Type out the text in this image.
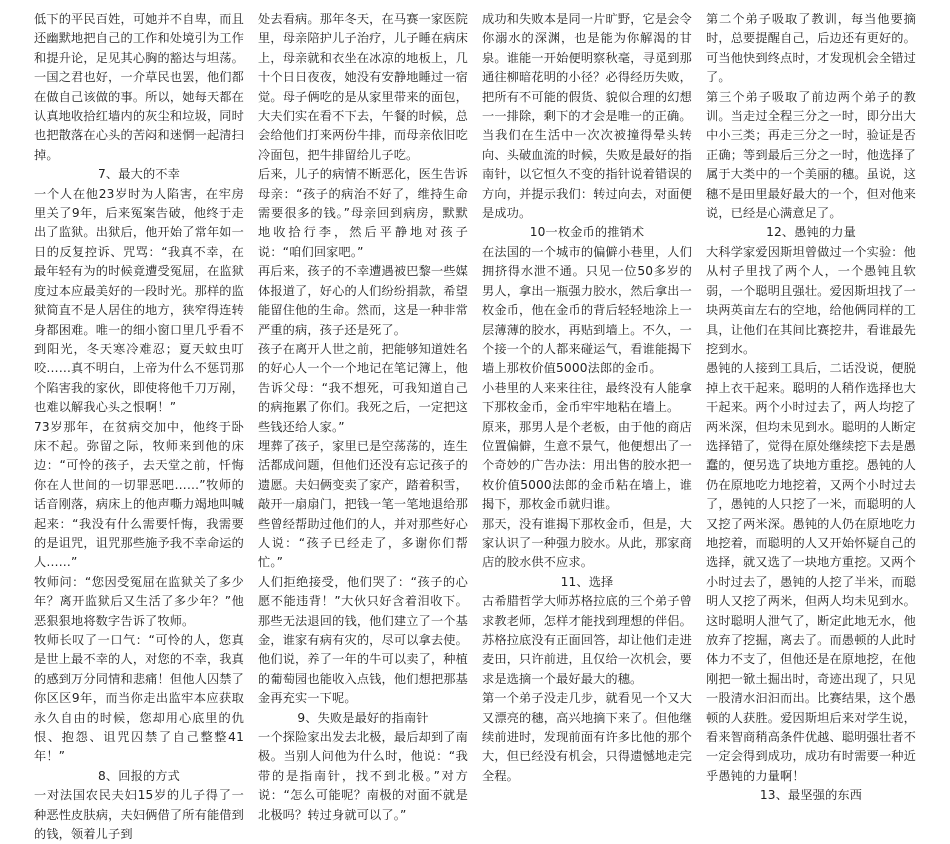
低下的平民百姓，可她并不自卑，而且还幽默地把自己的工作和处境引为工作和提升论，足见其心胸的豁达与坦荡。一国之君也好，一介草民也罢，他们都在做自己该做的事。所以，她每天都在认真地收拾红墙内的灰尘和垃圾，同时也把散落在心头的苦闷和迷惘一起清扫掉。

7、最大的不幸

一个人在他23岁时为人陷害，在牢房里关了9年，后来冤案告破，他终于走出了监狱。出狱后，他开始了常年如一日的反复控诉、咒骂：“我真不幸，在最年轻有为的时候竟遭受冤屈，在监狱度过本应最美好的一段时光。那样的监狱简直不是人居住的地方，狭窄得连转身都困难。唯一的细小窗口里几乎看不到阳光，冬天寒冷难忍；夏天蚊虫叮咬……真不明白，上帝为什么不惩罚那个陷害我的家伙，即使将他千刀万剐，也难以解我心头之恨啊！”

73岁那年，在贫病交加中，他终于卧床不起。弥留之际，牧师来到他的床边：“可怜的孩子，去天堂之前，忏悔你在人世间的一切罪恶吧……”牧师的话音刚落，病床上的他声嘶力竭地叫喊起来：“我没有什么需要忏悔，我需要的是诅咒，诅咒那些施予我不幸命运的人……”

牧师问：“您因受冤屈在监狱关了多少年？离开监狱后又生活了多少年？”他恶狠狠地将数字告诉了牧师。

牧师长叹了一口气：“可怜的人，您真是世上最不幸的人，对您的不幸，我真的感到万分同情和悲痛！但他人囚禁了你区区9年，而当你走出监牢本应获取永久自由的时候，您却用心底里的仇恨、抱怨、诅咒囚禁了自己整整41年！”

8、回报的方式

一对法国农民夫妇15岁的儿子得了一种恶性皮肤病，夫妇俩借了所有能借到的钱，领着儿子到

处去看病。那年冬天，在马赛一家医院里，母亲陪护儿子治疗，儿子睡在病床上，母亲就和衣坐在冰凉的地板上，几十个日日夜夜，她没有安静地睡过一宿觉。母子俩吃的是从家里带来的面包，大夫们实在看不下去，午餐的时候，总会给他们打来两份牛排，而母亲依旧吃冷面包，把牛排留给儿子吃。

后来，儿子的病情不断恶化，医生告诉母亲：“孩子的病治不好了，维持生命需要很多的钱。”母亲回到病房，默默地收拾行李，然后平静地对孩子说：“咱们回家吧。”

再后来，孩子的不幸遭遇被巴黎一些媒体报道了，好心的人们纷纷捐款，希望能留住他的生命。然而，这是一种非常严重的病，孩子还是死了。

孩子在离开人世之前，把能够知道姓名的好心人一个一个地记在笔记簿上，他告诉父母：“我不想死，可我知道自己的病拖累了你们。我死之后，一定把这些钱还给人家。”

埋葬了孩子，家里已是空荡荡的，连生活都成问题，但他们还没有忘记孩子的遗愿。夫妇俩变卖了家产，踏着积雪，敲开一扇扇门，把钱一笔一笔地退给那些曾经帮助过他们的人，并对那些好心人说：“孩子已经走了，多谢你们帮忙。”

人们拒绝接受，他们哭了：“孩子的心愿不能违背！”大伙只好含着泪收下。那些无法退回的钱，他们建立了一个基金，谁家有病有灾的，尽可以拿去使。他们说，养了一年的牛可以卖了，种植的葡萄园也能收入点钱，他们想把那基金再充实一下呢。

9、失败是最好的指南针

一个探险家出发去北极，最后却到了南极。当别人问他为什么时，他说：“我带的是指南针，找不到北极。”对方说：“怎么可能呢？南极的对面不就是北极吗？转过身就可以了。”

成功和失败本是同一片旷野，它是会令你溺水的深渊，也是能为你解渴的甘泉。谁能一开始便明察秋毫，寻觅到那通往柳暗花明的小径？必得经历失败，把所有不可能的假货、貌似合理的幻想一一排除，剩下的才会是唯一的正确。

当我们在生活中一次次被撞得晕头转向、头破血流的时候，失败是最好的指南针，以它恒久不变的指针说着错误的方向，并提示我们：转过向去，对面便是成功。

10一枚金币的推销术

在法国的一个城市的偏僻小巷里，人们拥挤得水泄不通。只见一位50多岁的男人，拿出一瓶强力胶水，然后拿出一枚金币，他在金币的背后轻轻地涂上一层薄薄的胶水，再贴到墙上。不久，一个接一个的人都来碰运气，看谁能揭下墙上那枚价值5000法郎的金币。

小巷里的人来来往往，最终没有人能拿下那枚金币，金币牢牢地粘在墙上。

原来，那男人是个老板，由于他的商店位置偏僻，生意不景气，他便想出了一个奇妙的广告办法：用出售的胶水把一枚价值5000法郎的金币粘在墙上，谁揭下，那枚金币就归谁。

那天，没有谁揭下那枚金币，但是，大家认识了一种强力胶水。从此，那家商店的胶水供不应求。

11、选择

古希腊哲学大师苏格拉底的三个弟子曾求教老师，怎样才能找到理想的伴侣。苏格拉底没有正面回答，却让他们走进麦田，只许前进，且仅给一次机会，要求是选摘一个最好最大的穗。

第一个弟子没走几步，就看见一个又大又漂亮的穗，高兴地摘下来了。但他继续前进时，发现前面有许多比他的那个大，但已经没有机会，只得遗憾地走完全程。

第二个弟子吸取了教训，每当他要摘时，总要提醒自己，后边还有更好的。可当他快到终点时，才发现机会全错过了。

第三个弟子吸取了前边两个弟子的教训。当走过全程三分之一时，即分出大中小三类；再走三分之一时，验证是否正确；等到最后三分之一时，他选择了属于大类中的一个美丽的穗。虽说，这穗不是田里最好最大的一个，但对他来说，已经是心满意足了。

12、愚钝的力量

大科学家爱因斯坦曾做过一个实验：他从村子里找了两个人，一个愚钝且软弱，一个聪明且强壮。爱因斯坦找了一块两英亩左右的空地，给他俩同样的工具，让他们在其间比赛挖井，看谁最先挖到水。

愚钝的人接到工具后，二话没说，便脱掉上衣干起来。聪明的人稍作选择也大干起来。两个小时过去了，两人均挖了两米深，但均未见到水。聪明的人断定选择错了，觉得在原处继续挖下去是愚蠢的，便另选了块地方重挖。愚钝的人仍在原地吃力地挖着，又两个小时过去了，愚钝的人只挖了一米，而聪明的人又挖了两米深。愚钝的人仍在原地吃力地挖着，而聪明的人又开始怀疑自己的选择，就又选了一块地方重挖。又两个小时过去了，愚钝的人挖了半米，而聪明人又挖了两米，但两人均未见到水。这时聪明人泄气了，断定此地无水，他放弃了挖掘，离去了。而愚顿的人此时体力不支了，但他还是在原地挖，在他刚把一锨土掘出时，奇迹出现了，只见一股清水汩汩而出。比赛结果，这个愚顿的人获胜。爱因斯坦后来对学生说，看来智商稍高条件优越、聪明强壮者不一定会得到成功，成功有时需要一种近乎愚钝的力量啊！

13、最坚强的东西
